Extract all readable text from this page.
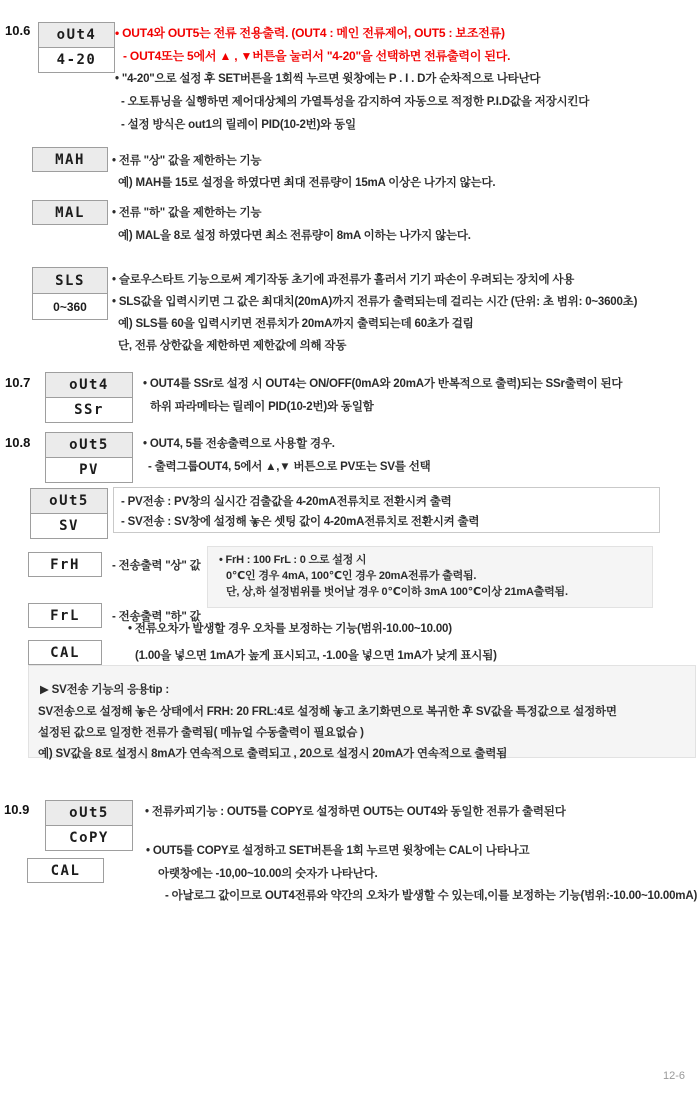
10.6	oUt4
4-20
• OUT4와 OUT5는 전류 전용출력. (OUT4 : 메인 전류제어, OUT5 : 보조전류)
- OUT4또는 5에서 ▲ , ▼버튼을 눌러서 "4-20"을 선택하면 전류출력이 된다.
• "4-20"으로 설정 후 SET버튼을 1회씩 누르면 윗창에는 P . I . D가 순차적으로 나타난다
- 오토튜닝을 실행하면 제어대상체의 가열특성을 감지하여 자동으로 적정한 P.I.D값을 저장시킨다
- 설정 방식은 out1의 릴레이 PID(10-2번)와 동일
MAH	• 전류 "상" 값을 제한하는 기능
예) MAH를 15로 설정을 하였다면 최대 전류량이 15mA 이상은 나가지 않는다.
MAL	• 전류 "하" 값을 제한하는 기능
예) MAL을 8로 설정 하였다면 최소 전류량이 8mA 이하는 나가지 않는다.
SLS
0~360
• 슬로우스타트 기능으로써 계기작동 초기에 과전류가 흘러서 기기 파손이 우려되는 장치에 사용
• SLS값을 입력시키면 그 값은 최대치(20mA)까지 전류가 출력되는데 걸리는 시간 (단위: 초 범위: 0~3600초)
예) SLS를 60을 입력시키면 전류치가 20mA까지 출력되는데 60초가 걸림
단, 전류 상한값을 제한하면 제한값에 의해 작동
10.7	oUt4
SSr
• OUT4를 SSr로 설정 시 OUT4는 ON/OFF(0mA와 20mA가 반복적으로 출력)되는 SSr출력이 된다
하위 파라메타는 릴레이 PID(10-2번)와 동일함
10.8	oUt5
PV
• OUT4, 5를 전송출력으로 사용할 경우.
- 출력그룹OUT4, 5에서 ▲,▼ 버튼으로 PV또는 SV를 선택
oUt5
SV
- PV전송 : PV창의 실시간 검출값을 4-20mA전류치로 전환시켜 출력
- SV전송 : SV창에 설정해 놓은 셋팅 값이 4-20mA전류치로 전환시켜 출력
FrH	- 전송출력 "상" 값 • FrH : 100 FrL : 0 으로 설정 시
0℃인 경우 4mA, 100℃인 경우 20mA전류가 출력됨.
단, 상,하 설정범위를 벗어날 경우 0℃이하 3mA 100℃이상 21mA출력됨.
FrL	- 전송출력 "하" 값
• 전류오차가 발생할 경우 오차를 보정하는 기능(범위-10.00~10.00)
CAL	(1.00을 넣으면 1mA가 높게 표시되고, -1.00을 넣으면 1mA가 낮게 표시됨)
▶ SV전송 기능의 응용tip :
SV전송으로 설정해 놓은 상태에서 FRH: 20 FRL:4로 설정해 놓고 초기화면으로 복귀한 후 SV값을 특정값으로 설정하면
설정된 값으로 일정한 전류가 출력됨( 메뉴얼 수동출력이 필요없슴 )
예) SV값을 8로 설정시 8mA가 연속적으로 출력되고 , 20으로 설정시 20mA가 연속적으로 출력됨
10.9	oUt5
CoPY
• 전류카피기능 : OUT5를 COPY로 설정하면 OUT5는 OUT4와 동일한 전류가 출력된다
• OUT5를 COPY로 설정하고 SET버튼을 1회 누르면 윗창에는 CAL이 나타나고
CAL	아랫창에는 -10,00~10.00의 숫자가 나타난다.
- 아날로그 값이므로 OUT4전류와 약간의 오차가 발생할 수 있는데,이를 보정하는 기능(범위:-10.00~10.00mA)
12-6
